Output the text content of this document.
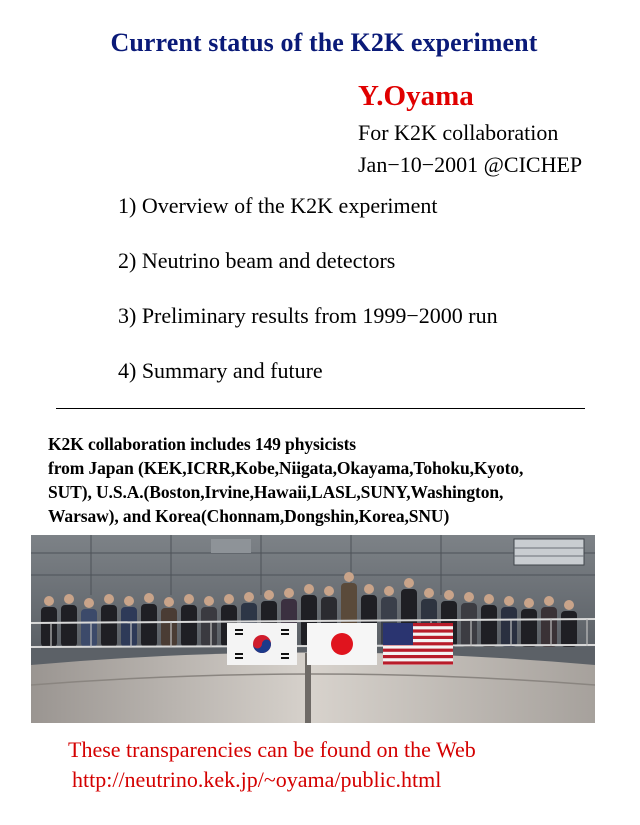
Current status of the K2K experiment
Y.Oyama
For K2K collaboration
Jan−10−2001 @CICHEP
1) Overview of the K2K experiment
2) Neutrino beam and detectors
3) Preliminary results from 1999−2000 run
4) Summary and future
K2K collaboration includes 149 physicists
from Japan (KEK,ICRR,Kobe,Niigata,Okayama,Tohoku,Kyoto,
SUT), U.S.A.(Boston,Irvine,Hawaii,LASL,SUNY,Washington,
Warsaw), and Korea(Chonnam,Dongshin,Korea,SNU)
These transparencies can be found on the Web
http://neutrino.kek.jp/~oyama/public.html
